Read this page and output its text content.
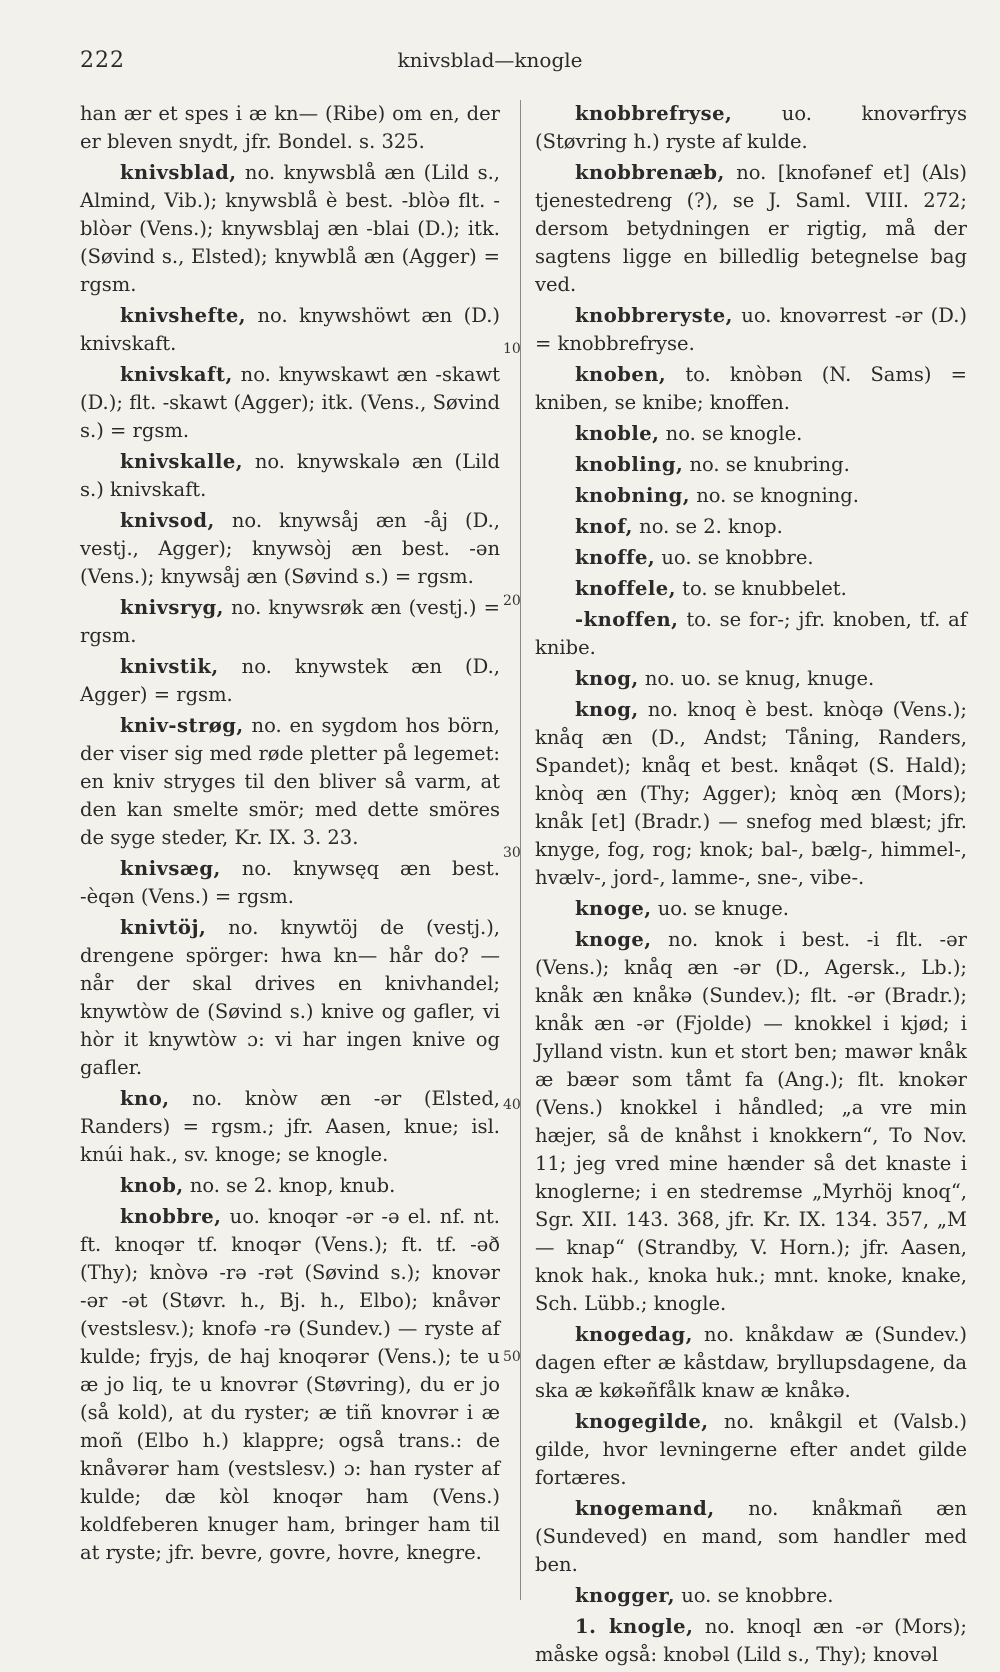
222	knivsblad—knogle
10
20
30
40
50

han ær et spes i æ kn— (Ribe) om en, der er bleven snydt, jfr. Bondel. s. 325.

knivsblad, no. knywsblå æn (Lild s., Almind, Vib.); knywsblå è best. -blòə flt. -blòər (Vens.); knywsblaj æn -blai (D.); itk. (Søvind s., Elsted); knywblå æn (Agger) = rgsm.

knivshefte, no. knywshöwt æn (D.) knivskaft.

knivskaft, no. knywskawt æn -skawt (D.); flt. -skawt (Agger); itk. (Vens., Søvind s.) = rgsm.

knivskalle, no. knywskalə æn (Lild s.) knivskaft.

knivsod, no. knywsåj æn -åj (D., vestj., Agger); knywsòj æn best. -ən (Vens.); knywsåj æn (Søvind s.) = rgsm.

knivsryg, no. knywsrøk æn (vestj.) = rgsm.

knivstik, no. knywstek æn (D., Agger) = rgsm.

kniv-strøg, no. en sygdom hos börn, der viser sig med røde pletter på legemet: en kniv stryges til den bliver så varm, at den kan smelte smör; med dette smöres de syge steder, Kr. IX. 3. 23.

knivsæg, no. knywsęq æn best. -èqən (Vens.) = rgsm.

knivtöj, no. knywtöj de (vestj.), drengene spörger: hwa kn— hår do? — når der skal drives en knivhandel; knywtòw de (Søvind s.) knive og gafler, vi hòr it knywtòw ɔ: vi har ingen knive og gafler.

kno, no. knòw æn -ər (Elsted, Randers) = rgsm.; jfr. Aasen, knue; isl. knúi hak., sv. knoge; se knogle.

knob, no. se 2. knop, knub.

knobbre, uo. knoqər -ər -ə el. nf. nt. ft. knoqər tf. knoqər (Vens.); ft. tf. -əð (Thy); knòvə -rə -rət (Søvind s.); knovər -ər -ət (Støvr. h., Bj. h., Elbo); knåvər (vestslesv.); knofə -rə (Sundev.) — ryste af kulde; fryjs, de haj knoqərər (Vens.); te u æ jo liq, te u knovrər (Støvring), du er jo (så kold), at du ryster; æ tiñ knovrər i æ moñ (Elbo h.) klappre; også trans.: de knåvərər ham (vestslesv.) ɔ: han ryster af kulde; dæ kòl knoqər ham (Vens.) koldfeberen knuger ham, bringer ham til at ryste; jfr. bevre, govre, hovre, knegre.

knobbrefryse, uo. knovərfrys (Støvring h.) ryste af kulde.

knobbrenæb, no. [knofənef et] (Als) tjenestedreng (?), se J. Saml. VIII. 272; dersom betydningen er rigtig, må der sagtens ligge en billedlig betegnelse bag ved.

knobbreryste, uo. knovərrest -ər (D.) = knobbrefryse.

knoben, to. knòbən (N. Sams) = kniben, se knibe; knoffen.

knoble, no. se knogle.

knobling, no. se knubring.

knobning, no. se knogning.

knof, no. se 2. knop.

knoffe, uo. se knobbre.

knoffele, to. se knubbelet.

-knoffen, to. se for-; jfr. knoben, tf. af knibe.

knog, no. uo. se knug, knuge.

knog, no. knoq è best. knòqə (Vens.); knåq æn (D., Andst; Tåning, Randers, Spandet); knåq et best. knåqət (S. Hald); knòq æn (Thy; Agger); knòq æn (Mors); knåk [et] (Bradr.) — snefog med blæst; jfr. knyge, fog, rog; knok; bal-, bælg-, himmel-, hvælv-, jord-, lamme-, sne-, vibe-.

knoge, uo. se knuge.

knoge, no. knok i best. -i flt. -ər (Vens.); knåq æn -ər (D., Agersk., Lb.); knåk æn knåkə (Sundev.); flt. -ər (Bradr.); knåk æn -ər (Fjolde) — knokkel i kjød; i Jylland vistn. kun et stort ben; mawər knåk æ bæər som tåmt fa (Ang.); flt. knokər (Vens.) knokkel i håndled; „a vre min hæjer, så de knåhst i knokkern“, To Nov. 11; jeg vred mine hænder så det knaste i knoglerne; i en stedremse „Myrhöj knoq“, Sgr. XII. 143. 368, jfr. Kr. IX. 134. 357, „M— knap“ (Strandby, V. Horn.); jfr. Aasen, knok hak., knoka huk.; mnt. knoke, knake, Sch. Lübb.; knogle.

knogedag, no. knåkdaw æ (Sundev.) dagen efter æ kåstdaw, bryllupsdagene, da ska æ køkəñfålk knaw æ knåkə.

knogegilde, no. knåkgil et (Valsb.) gilde, hvor levningerne efter andet gilde fortæres.

knogemand, no. knåkmañ æn (Sundeved) en mand, som handler med ben.

knogger, uo. se knobbre.

1. knogle, no. knoql æn -ər (Mors); måske også: knobəl (Lild s., Thy); knovəl
